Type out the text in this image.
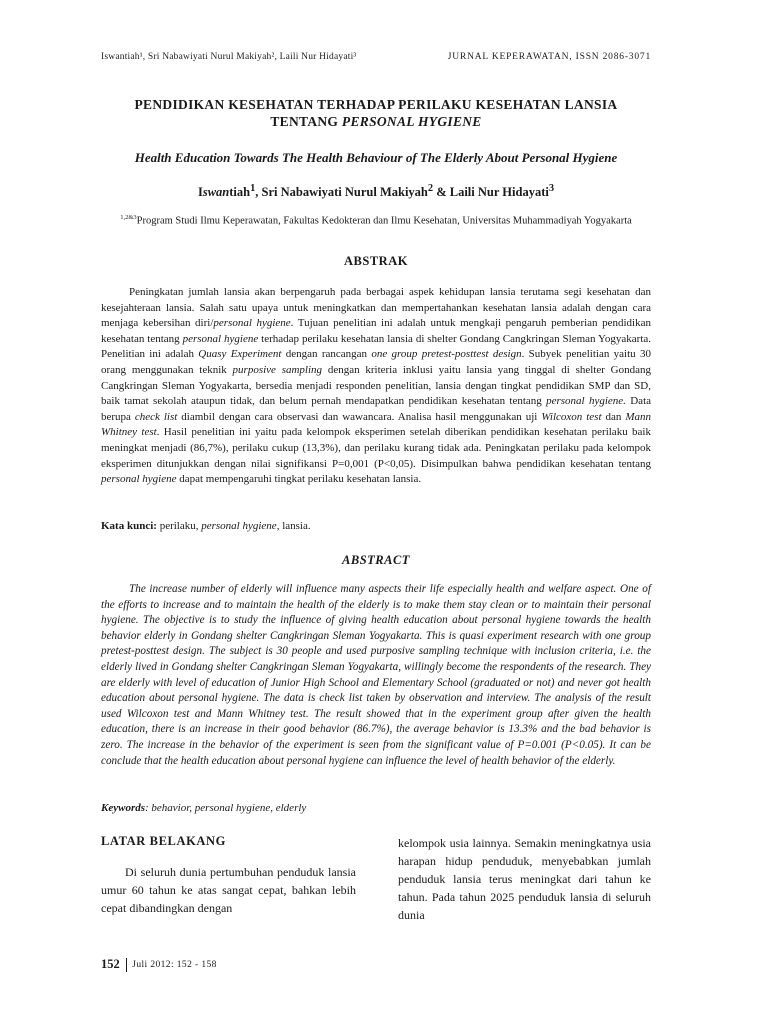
Iswantiah¹, Sri Nabawiyati Nurul Makiyah², Laili Nur Hidayati³	JURNAL KEPERAWATAN, ISSN 2086-3071
PENDIDIKAN KESEHATAN TERHADAP PERILAKU KESEHATAN LANSIA
TENTANG PERSONAL HYGIENE
Health Education Towards The Health Behaviour of The Elderly About Personal Hygiene
Iswantiah$^1$, Sri Nabawiyati Nurul Makiyah$^2$ & Laili Nur Hidayati$^3$
$^{1,2\&3}$Program Studi Ilmu Keperawatan, Fakultas Kedokteran dan Ilmu Kesehatan, Universitas Muhammadiyah Yogyakarta
ABSTRAK

Peningkatan jumlah lansia akan berpengaruh pada berbagai aspek kehidupan lansia terutama segi kesehatan dan kesejahteraan lansia. Salah satu upaya untuk meningkatkan dan mempertahankan kesehatan lansia adalah dengan cara menjaga kebersihan diri/personal hygiene. Tujuan penelitian ini adalah untuk mengkaji pengaruh pemberian pendidikan kesehatan tentang personal hygiene terhadap perilaku kesehatan lansia di shelter Gondang Cangkringan Sleman Yogyakarta. Penelitian ini adalah Quasy Experiment dengan rancangan one group pretest-posttest design. Subyek penelitian yaitu 30 orang menggunakan teknik purposive sampling dengan kriteria inklusi yaitu lansia yang tinggal di shelter Gondang Cangkringan Sleman Yogyakarta, bersedia menjadi responden penelitian, lansia dengan tingkat pendidikan SMP dan SD, baik tamat sekolah ataupun tidak, dan belum pernah mendapatkan pendidikan kesehatan tentang personal hygiene. Data berupa check list diambil dengan cara observasi dan wawancara. Analisa hasil menggunakan uji Wilcoxon test dan Mann Whitney test. Hasil penelitian ini yaitu pada kelompok eksperimen setelah diberikan pendidikan kesehatan perilaku baik meningkat menjadi (86,7%), perilaku cukup (13,3%), dan perilaku kurang tidak ada. Peningkatan perilaku pada kelompok eksperimen ditunjukkan dengan nilai signifikansi P=0,001 (P<0,05). Disimpulkan bahwa pendidikan kesehatan tentang personal hygiene dapat mempengaruhi tingkat perilaku kesehatan lansia.

Kata kunci: perilaku, personal hygiene, lansia.
ABSTRACT

The increase number of elderly will influence many aspects their life especially health and welfare aspect. One of the efforts to increase and to maintain the health of the elderly is to make them stay clean or to maintain their personal hygiene. The objective is to study the influence of giving health education about personal hygiene towards the health behavior elderly in Gondang shelter Cangkringan Sleman Yogyakarta. This is quasi experiment research with one group pretest-posttest design. The subject is 30 people and used purposive sampling technique with inclusion criteria, i.e. the elderly lived in Gondang shelter Cangkringan Sleman Yogyakarta, willingly become the respondents of the research. They are elderly with level of education of Junior High School and Elementary School (graduated or not) and never got health education about personal hygiene. The data is check list taken by observation and interview. The analysis of the result used Wilcoxon test and Mann Whitney test. The result showed that in the experiment group after given the health education, there is an increase in their good behavior (86.7%), the average behavior is 13.3% and the bad behavior is zero. The increase in the behavior of the experiment is seen from the significant value of P=0.001 (P<0.05). It can be conclude that the health education about personal hygiene can influence the level of health behavior of the elderly.

Keywords: behavior, personal hygiene, elderly
LATAR BELAKANG

Di seluruh dunia pertumbuhan penduduk lansia umur 60 tahun ke atas sangat cepat, bahkan lebih cepat dibandingkan dengan

kelompok usia lainnya. Semakin meningkatnya usia harapan hidup penduduk, menyebabkan jumlah penduduk lansia terus meningkat dari tahun ke tahun. Pada tahun 2025 penduduk lansia di seluruh dunia

152 Juli 2012: 152 - 158
